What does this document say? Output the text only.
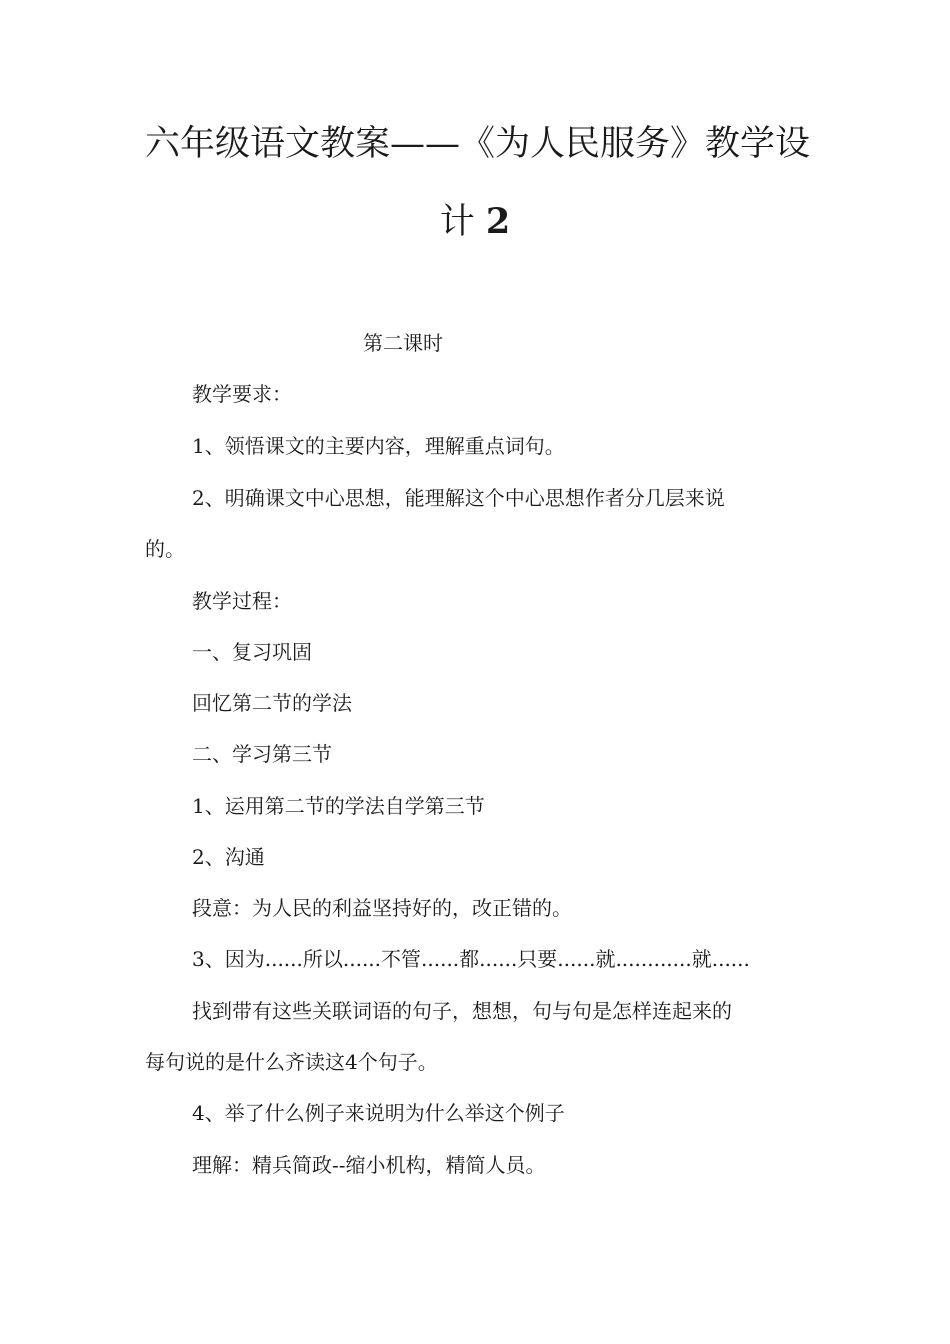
六年级语文教案——《为人民服务》教学设
计 2

第二课时

教学要求：

1、领悟课文的主要内容，理解重点词句。

2、明确课文中心思想，能理解这个中心思想作者分几层来说

的。

教学过程：

一、复习巩固

回忆第二节的学法

二、学习第三节

1、运用第二节的学法自学第三节

2、沟通

段意：为人民的利益坚持好的，改正错的。

3、因为......所以......不管......都......只要......就............就......

找到带有这些关联词语的句子，想想，句与句是怎样连起来的

每句说的是什么齐读这4个句子。

4、举了什么例子来说明为什么举这个例子

理解：精兵简政--缩小机构，精简人员。
